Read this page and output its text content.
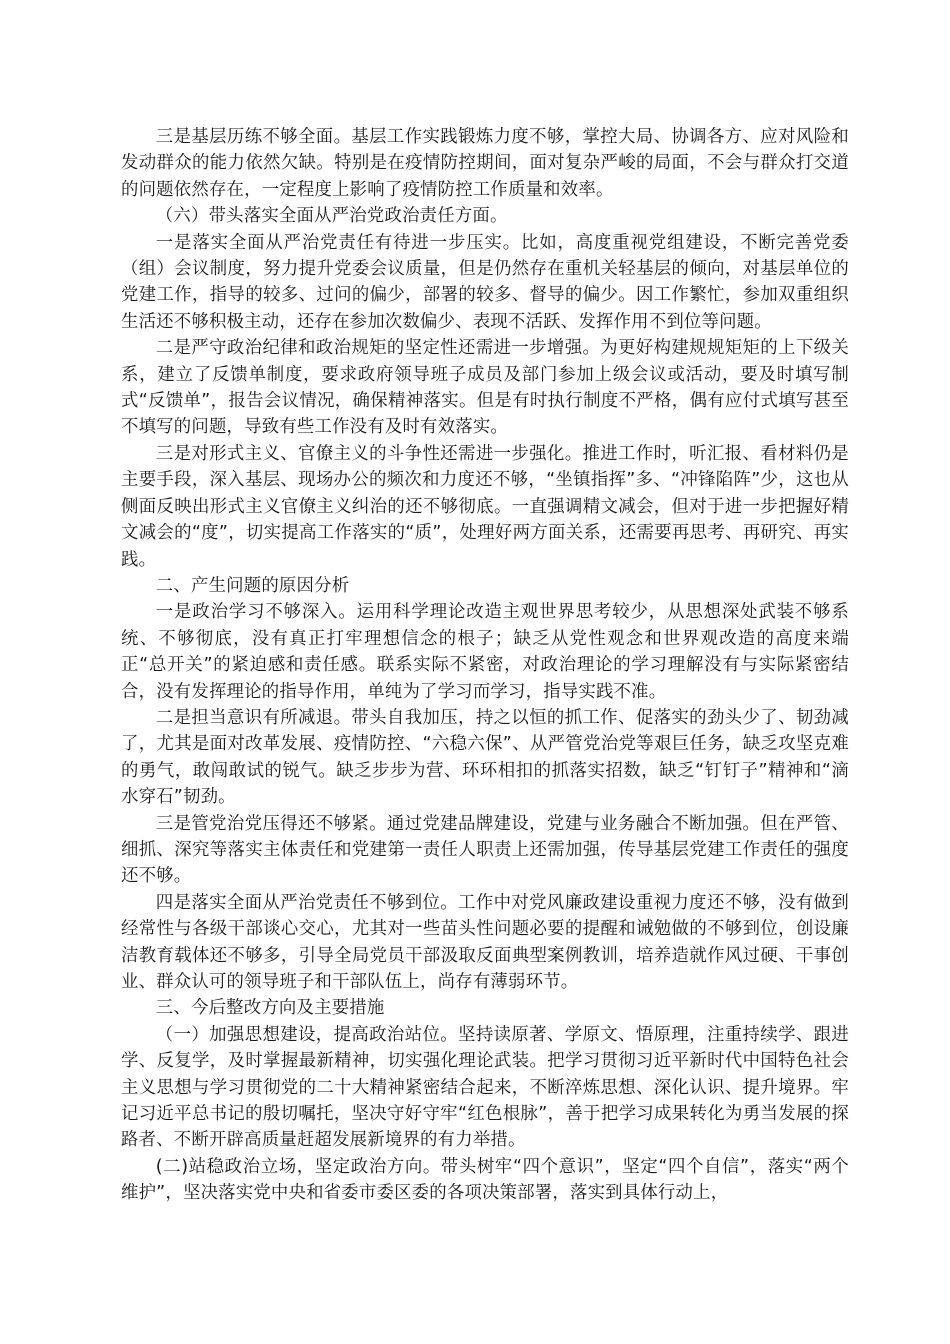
三是基层历练不够全面。基层工作实践锻炼力度不够，掌控大局、协调各方、应对风险和发动群众的能力依然欠缺。特别是在疫情防控期间，面对复杂严峻的局面，不会与群众打交道的问题依然存在，一定程度上影响了疫情防控工作质量和效率。

（六）带头落实全面从严治党政治责任方面。

一是落实全面从严治党责任有待进一步压实。比如，高度重视党组建设，不断完善党委（组）会议制度，努力提升党委会议质量，但是仍然存在重机关轻基层的倾向，对基层单位的党建工作，指导的较多、过问的偏少，部署的较多、督导的偏少。因工作繁忙，参加双重组织生活还不够积极主动，还存在参加次数偏少、表现不活跃、发挥作用不到位等问题。

二是严守政治纪律和政治规矩的坚定性还需进一步增强。为更好构建规规矩矩的上下级关系，建立了反馈单制度，要求政府领导班子成员及部门参加上级会议或活动，要及时填写制式“反馈单”，报告会议情况，确保精神落实。但是有时执行制度不严格，偶有应付式填写甚至不填写的问题，导致有些工作没有及时有效落实。

三是对形式主义、官僚主义的斗争性还需进一步强化。推进工作时，听汇报、看材料仍是主要手段，深入基层、现场办公的频次和力度还不够，“坐镇指挥”多、“冲锋陷阵”少，这也从侧面反映出形式主义官僚主义纠治的还不够彻底。一直强调精文减会，但对于进一步把握好精文减会的“度”，切实提高工作落实的“质”，处理好两方面关系，还需要再思考、再研究、再实践。

二、产生问题的原因分析

一是政治学习不够深入。运用科学理论改造主观世界思考较少，从思想深处武装不够系统、不够彻底，没有真正打牢理想信念的根子；缺乏从党性观念和世界观改造的高度来端正“总开关”的紧迫感和责任感。联系实际不紧密，对政治理论的学习理解没有与实际紧密结合，没有发挥理论的指导作用，单纯为了学习而学习，指导实践不准。

二是担当意识有所减退。带头自我加压，持之以恒的抓工作、促落实的劲头少了、韧劲减了，尤其是面对改革发展、疫情防控、“六稳六保”、从严管党治党等艰巨任务，缺乏攻坚克难的勇气，敢闯敢试的锐气。缺乏步步为营、环环相扣的抓落实招数，缺乏“钉钉子”精神和“滴水穿石”韧劲。

三是管党治党压得还不够紧。通过党建品牌建设，党建与业务融合不断加强。但在严管、细抓、深究等落实主体责任和党建第一责任人职责上还需加强，传导基层党建工作责任的强度还不够。

四是落实全面从严治党责任不够到位。工作中对党风廉政建设重视力度还不够，没有做到经常性与各级干部谈心交心，尤其对一些苗头性问题必要的提醒和诫勉做的不够到位，创设廉洁教育载体还不够多，引导全局党员干部汲取反面典型案例教训，培养造就作风过硬、干事创业、群众认可的领导班子和干部队伍上，尚存有薄弱环节。

三、今后整改方向及主要措施

（一）加强思想建设，提高政治站位。坚持读原著、学原文、悟原理，注重持续学、跟进学、反复学，及时掌握最新精神，切实强化理论武装。把学习贯彻习近平新时代中国特色社会主义思想与学习贯彻党的二十大精神紧密结合起来，不断淬炼思想、深化认识、提升境界。牢记习近平总书记的殷切嘱托，坚决守好守牢“红色根脉”，善于把学习成果转化为勇当发展的探路者、不断开辟高质量赶超发展新境界的有力举措。

(二)站稳政治立场，坚定政治方向。带头树牢“四个意识”，坚定“四个自信”，落实“两个维护”，坚决落实党中央和省委市委区委的各项决策部署，落实到具体行动上，
